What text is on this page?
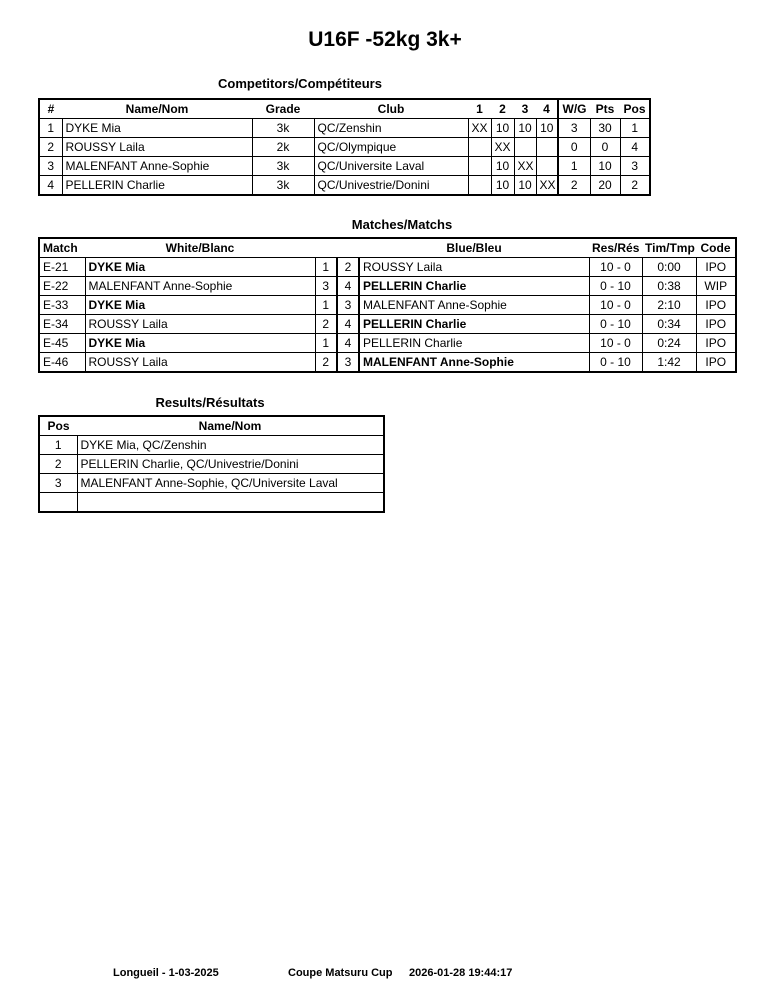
U16F -52kg 3k+
Competitors/Compétiteurs
#	Name/Nom	Grade	Club	1	2	3	4	W/G	Pts	Pos
1	DYKE Mia	3k	QC/Zenshin	XX	10	10	10	3	30	1
2	ROUSSY Laila	2k	QC/Olympique		XX			0	0	4
3	MALENFANT Anne-Sophie	3k	QC/Universite Laval		10	XX		1	10	3
4	PELLERIN Charlie	3k	QC/Univestrie/Donini		10	10	XX	2	20	2
Matches/Matchs
Match	White/Blanc			Blue/Bleu	Res/Rés	Tim/Tmp	Code
E-21	DYKE Mia	1	2	ROUSSY Laila	10 - 0	0:00	IPO
E-22	MALENFANT Anne-Sophie	3	4	PELLERIN Charlie	0 - 10	0:38	WIP
E-33	DYKE Mia	1	3	MALENFANT Anne-Sophie	10 - 0	2:10	IPO
E-34	ROUSSY Laila	2	4	PELLERIN Charlie	0 - 10	0:34	IPO
E-45	DYKE Mia	1	4	PELLERIN Charlie	10 - 0	0:24	IPO
E-46	ROUSSY Laila	2	3	MALENFANT Anne-Sophie	0 - 10	1:42	IPO
Results/Résultats
Pos	Name/Nom
1	DYKE Mia, QC/Zenshin
2	PELLERIN Charlie, QC/Univestrie/Donini
3	MALENFANT Anne-Sophie, QC/Universite Laval

Longueil - 1-03-2025	Coupe Matsuru Cup 2026-01-28 19:44:17
